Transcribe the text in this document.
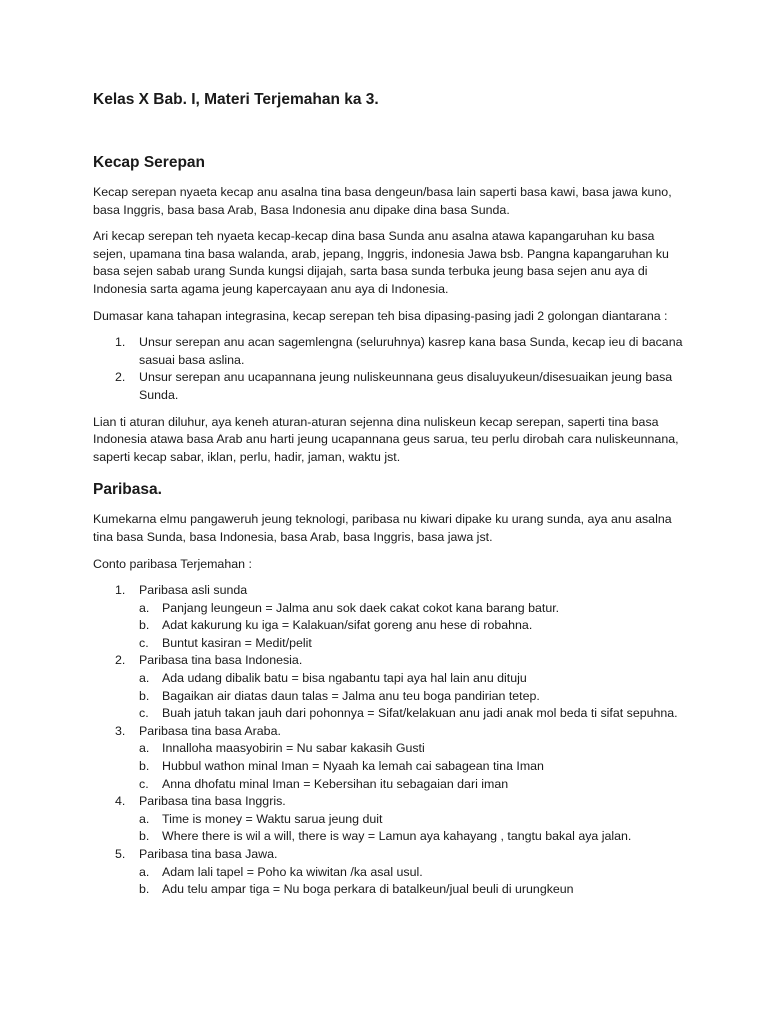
Kelas X Bab. I, Materi Terjemahan ka 3.
Kecap Serepan

Kecap serepan nyaeta kecap anu asalna tina basa dengeun/basa lain saperti basa kawi, basa jawa kuno, basa Inggris, basa basa Arab, Basa Indonesia anu dipake dina basa Sunda.

Ari kecap serepan teh nyaeta kecap-kecap dina basa Sunda anu asalna atawa kapangaruhan ku basa sejen, upamana tina basa walanda, arab, jepang, Inggris, indonesia Jawa bsb. Pangna kapangaruhan ku basa sejen sabab urang Sunda kungsi dijajah, sarta basa sunda terbuka jeung basa sejen anu aya di Indonesia sarta agama jeung kapercayaan anu aya di Indonesia.

Dumasar kana tahapan integrasina, kecap serepan teh bisa dipasing-pasing jadi 2 golongan diantarana :

1. Unsur serepan anu acan sagemlengna (seluruhnya) kasrep kana basa Sunda, kecap ieu di bacana sasuai basa aslina.
2. Unsur serepan anu ucapannana jeung nuliskeunnana geus disaluyukeun/disesuaikan jeung basa Sunda.

Lian ti aturan diluhur, aya keneh aturan-aturan sejenna dina nuliskeun kecap serepan, saperti tina basa Indonesia atawa basa Arab anu harti jeung ucapannana geus sarua, teu perlu dirobah cara nuliskeunnana, saperti kecap sabar, iklan, perlu, hadir, jaman, waktu jst.

Paribasa.

Kumekarna elmu pangaweruh jeung teknologi, paribasa nu kiwari dipake ku urang sunda, aya anu asalna tina basa Sunda, basa Indonesia, basa Arab, basa Inggris, basa jawa jst.

Conto paribasa Terjemahan :

1. Paribasa asli sunda
a. Panjang leungeun = Jalma anu sok daek cakat cokot kana barang batur.
b. Adat kakurung ku iga = Kalakuan/sifat goreng anu hese di robahna.
c. Buntut kasiran = Medit/pelit
2. Paribasa tina basa Indonesia.
a. Ada udang dibalik batu = bisa ngabantu tapi aya hal lain anu dituju
b. Bagaikan air diatas daun talas = Jalma anu teu boga pandirian tetep.
c. Buah jatuh takan jauh dari pohonnya = Sifat/kelakuan anu jadi anak mol beda ti sifat sepuhna.
3. Paribasa tina basa Araba.
a. Innalloha maasyobirin = Nu sabar kakasih Gusti
b. Hubbul wathon minal Iman = Nyaah ka lemah cai sabagean tina Iman
c. Anna dhofatu minal Iman = Kebersihan itu sebagaian dari iman
4. Paribasa tina basa Inggris.
a. Time is money = Waktu sarua jeung duit
b. Where there is wil a will, there is way = Lamun aya kahayang , tangtu bakal aya jalan.
5. Paribasa tina basa Jawa.
a. Adam lali tapel = Poho ka wiwitan /ka asal usul.
b. Adu telu ampar tiga = Nu boga perkara di batalkeun/jual beuli di urungkeun
